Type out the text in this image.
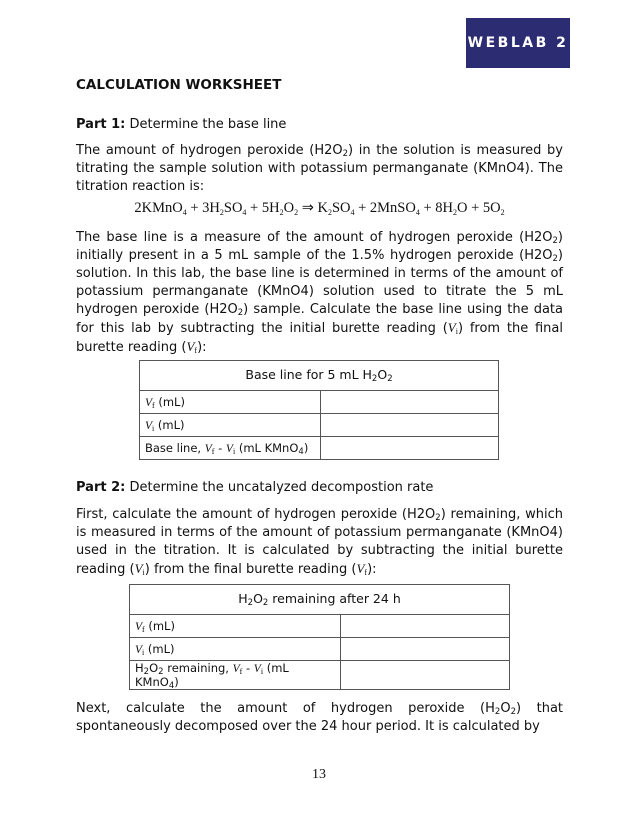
WEBLAB 2
CALCULATION WORKSHEET
Part 1: Determine the base line
The amount of hydrogen peroxide $(H2O_2)$ in the solution is measured by titrating the sample solution with potassium permanganate (KMnO4). The titration reaction is:
2KMnO$_4$ + $3H_2SO_4 + 5H_2O_2$ ⇒ $K_2SO_4$ + 2MnSO$_4$ + $8H_2O + 5O_2$
The base line is a measure of the amount of hydrogen peroxide $(H2O_2)$ initially present in a 5 mL sample of the 1.5% hydrogen peroxide $(H2O_2)$ solution. In this lab, the base line is determined in terms of the amount of potassium permanganate (KMnO4) solution used to titrate the 5 mL hydrogen peroxide $(H2O_2)$ sample. Calculate the base line using the data for this lab by subtracting the initial burette reading $(V_i)$ from the final burette reading $(V_f)$:
Part 2: Determine the uncatalyzed decompostion rate
First, calculate the amount of hydrogen peroxide $(H2O_2)$ remaining, which is measured in terms of the amount of potassium permanganate (KMnO4) used in the titration. It is calculated by subtracting the initial burette reading $(V_i)$ from the final burette reading $(V_f)$:
Next, calculate the amount of hydrogen peroxide $(H_2O_2)$ that spontaneously decomposed over the 24 hour period. It is calculated by
Base line for 5 mL $H_2O_2$

$V_f$ (mL)	
$V_i$ (mL)	
Base line, $V_f - V_i$ (mL KMnO$_4$)	
$H_2O_2$ remaining after 24 h	

$V_f$ (mL)	
$V_i$ (mL)	
$H_2O_2$ remaining, $V_f - V_i$ (mL KMnO$_4$)	
13
